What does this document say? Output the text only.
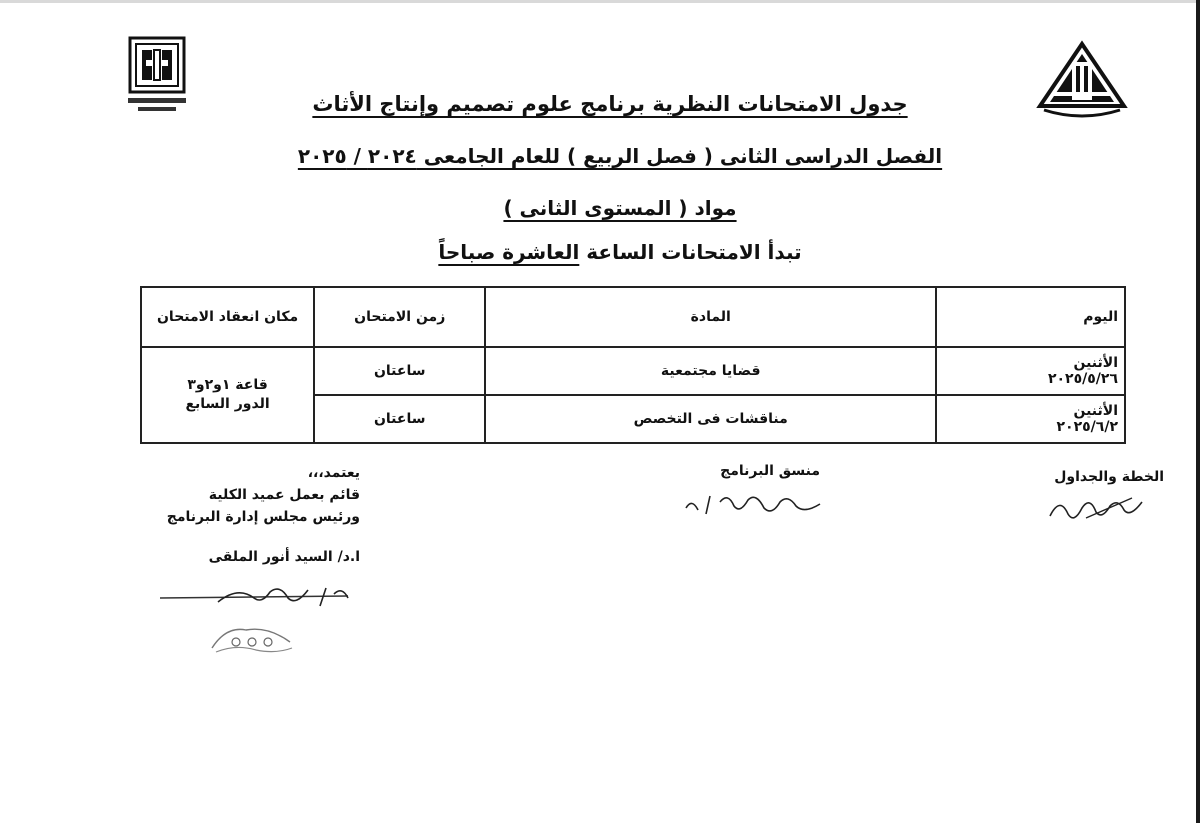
جدول الامتحانات النظرية برنامج علوم تصميم وإنتاج الأثاث
الفصل الدراسى الثانى ( فصل الربيع ) للعام الجامعى ٢٠٢٤ / ٢٠٢٥
مواد ( المستوى الثانى )
تبدأ الامتحانات الساعة العاشرة صباحاً
اليوم	المادة	زمن الامتحان	مكان انعقاد الامتحان

الأثنين
٢٠٢٥/٥/٢٦	قضايا مجتمعية	ساعتان	قاعة ١و٢و٣
الدور السابع

الأثنين
٢٠٢٥/٦/٢	مناقشات فى التخصص	ساعتان	
الخطة والجداول
منسق البرنامج
يعتمد،،،
قائم بعمل عميد الكلية
ورئيس مجلس إدارة البرنامج
ا.د/ السيد أنور الملقى
